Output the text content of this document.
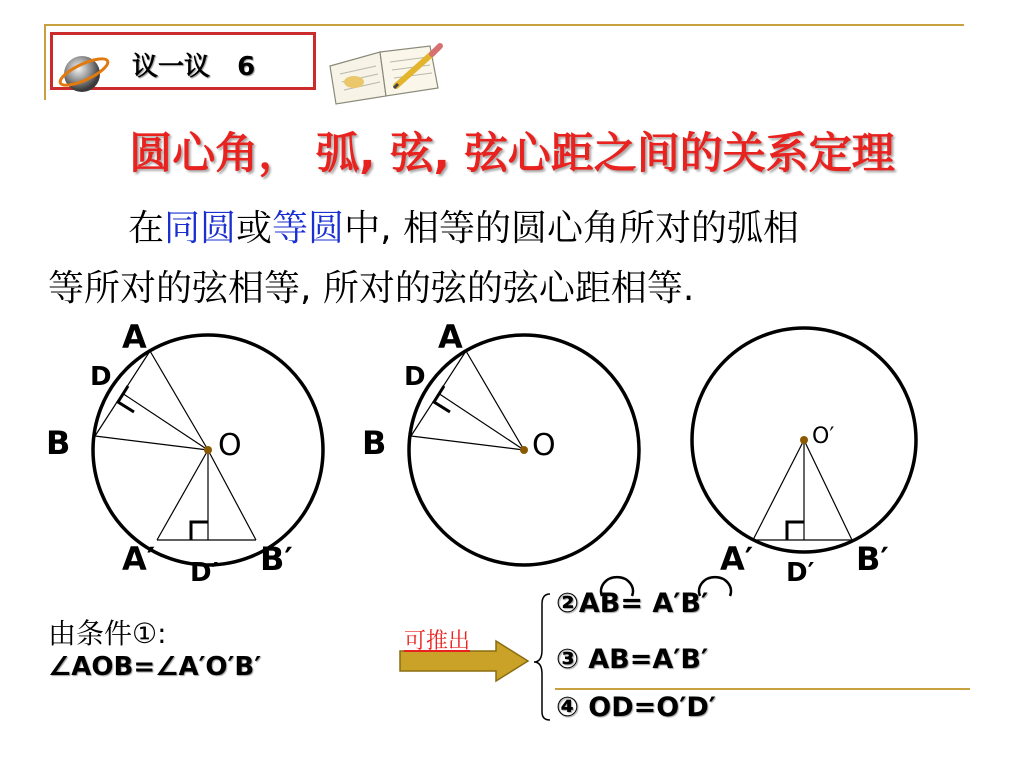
议一议 6
圆心角， 弧, 弦, 弦心距之间的关系定理
在同圆或等圆中, 相等的圆心角所对的弧相
等所对的弦相等, 所对的弦的弦心距相等.
A
D
B	O
A′	B′
D′
A
D
B	O	O′
A′	B′
D′
由条件①:
∠AOB=∠A′O′B′
可推出
②AB= A′B′
③ AB=A′B′
④ OD=O′D′
